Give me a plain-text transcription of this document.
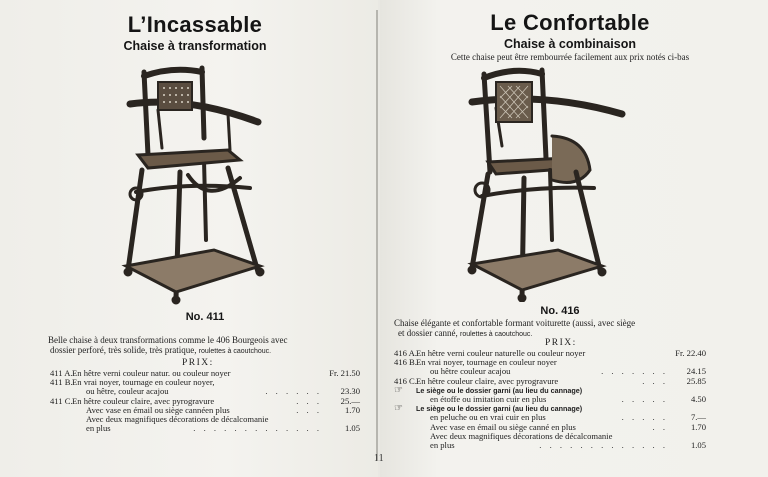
L’Incassable
Chaise à transformation
No. 411
Belle chaise à deux transformations comme le 406 Bourgeois avec
dossier perforé, très solide, très pratique, roulettes à caoutchouc.
PRIX:
411 A. En hêtre verni couleur natur. ou couleur noyer	Fr. 21.50
411 B. En vrai noyer, tournage en couleur noyer,
ou hêtre, couleur acajou	. . . . . .	23.30
411 C. En hêtre couleur claire, avec pyrogravure	. . .	25.—
Avec vase en émail ou siège cannéen plus	. . .	1.70
Avec deux magnifiques décorations de décalcomanie
en plus	. . . . . . . . . . . . .	1.05
Le Confortable
Chaise à combinaison
Cette chaise peut être rembourrée facilement aux prix notés ci-bas
No. 416
Chaise élégante et confortable formant voiturette (aussi, avec siège
et dossier canné, roulettes à caoutchouc.
PRIX:
416 A. En hêtre verni couleur naturelle ou couleur noyer	Fr. 22.40
416 B. En vrai noyer, tournage en couleur noyer
ou hêtre couleur acajou	. . . . . . .	24.15
416 C. En hêtre couleur claire, avec pyrogravure	. . .	25.85
☞	Le siège ou le dossier garni (au lieu du cannage)
en étoffe ou imitation cuir en plus	. . . . .	4.50
☞	Le siège ou le dossier garni (au lieu du cannage)
en peluche ou en vrai cuir en plus	. . . . .	7.—
Avec vase en émail ou siège canné en plus	. .	1.70
Avec deux magnifiques décorations de décalcomanie
en plus	. . . . . . . . . . . . .	1.05
11
